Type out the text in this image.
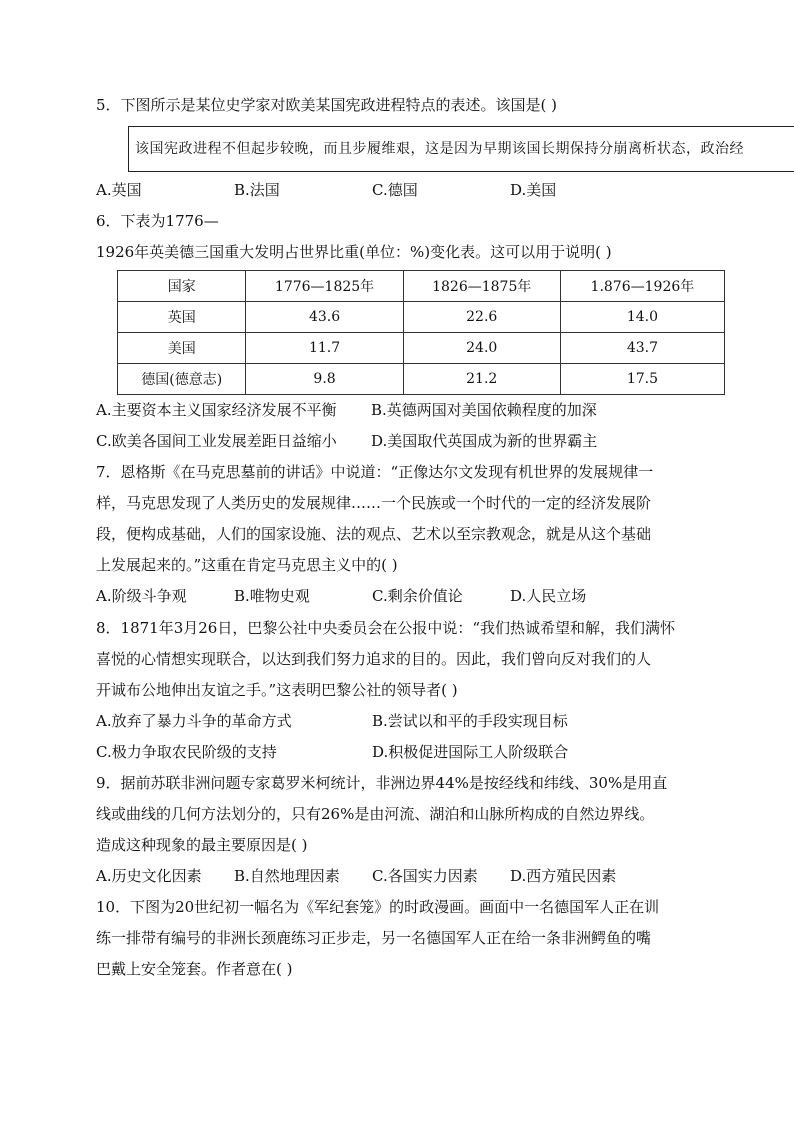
5．下图所示是某位史学家对欧美某国宪政进程特点的表述。该国是( )
该国宪政进程不但起步较晚，而且步履维艰，这是因为早期该国长期保持分崩离析状态，政治经
A.英国	B.法国	C.德国	D.美国
6．下表为1776—
1926年英美德三国重大发明占世界比重(单位：%)变化表。这可以用于说明( )
国家	1776—1825年	1826—1875年	1.876—1926年
英国	43.6	22.6	14.0
美国	11.7	24.0	43.7
德国(德意志)	9.8	21.2	17.5
A.主要资本主义国家经济发展不平衡 B.英德两国对美国依赖程度的加深
C.欧美各国间工业发展差距日益缩小 D.美国取代英国成为新的世界霸主
7．恩格斯《在马克思墓前的讲话》中说道：“正像达尔文发现有机世界的发展规律一
样，马克思发现了人类历史的发展规律……一个民族或一个时代的一定的经济发展阶
段，便构成基础，人们的国家设施、法的观点、艺术以至宗教观念，就是从这个基础
上发展起来的。”这重在肯定马克思主义中的( )
A.阶级斗争观	B.唯物史观	C.剩余价值论	D.人民立场
8．1871年3月26日，巴黎公社中央委员会在公报中说：“我们热诚希望和解，我们满怀
喜悦的心情想实现联合，以达到我们努力追求的目的。因此，我们曾向反对我们的人
开诚布公地伸出友谊之手。”这表明巴黎公社的领导者( )
A.放弃了暴力斗争的革命方式	B.尝试以和平的手段实现目标
C.极力争取农民阶级的支持	D.积极促进国际工人阶级联合
9．据前苏联非洲问题专家葛罗米柯统计，非洲边界44%是按经线和纬线、30%是用直
线或曲线的几何方法划分的，只有26%是由河流、湖泊和山脉所构成的自然边界线。
造成这种现象的最主要原因是( )
A.历史文化因素 B.自然地理因素 C.各国实力因素 D.西方殖民因素
10．下图为20世纪初一幅名为《军纪套笼》的时政漫画。画面中一名德国军人正在训
练一排带有编号的非洲长颈鹿练习正步走，另一名德国军人正在给一条非洲鳄鱼的嘴
巴戴上安全笼套。作者意在( )
